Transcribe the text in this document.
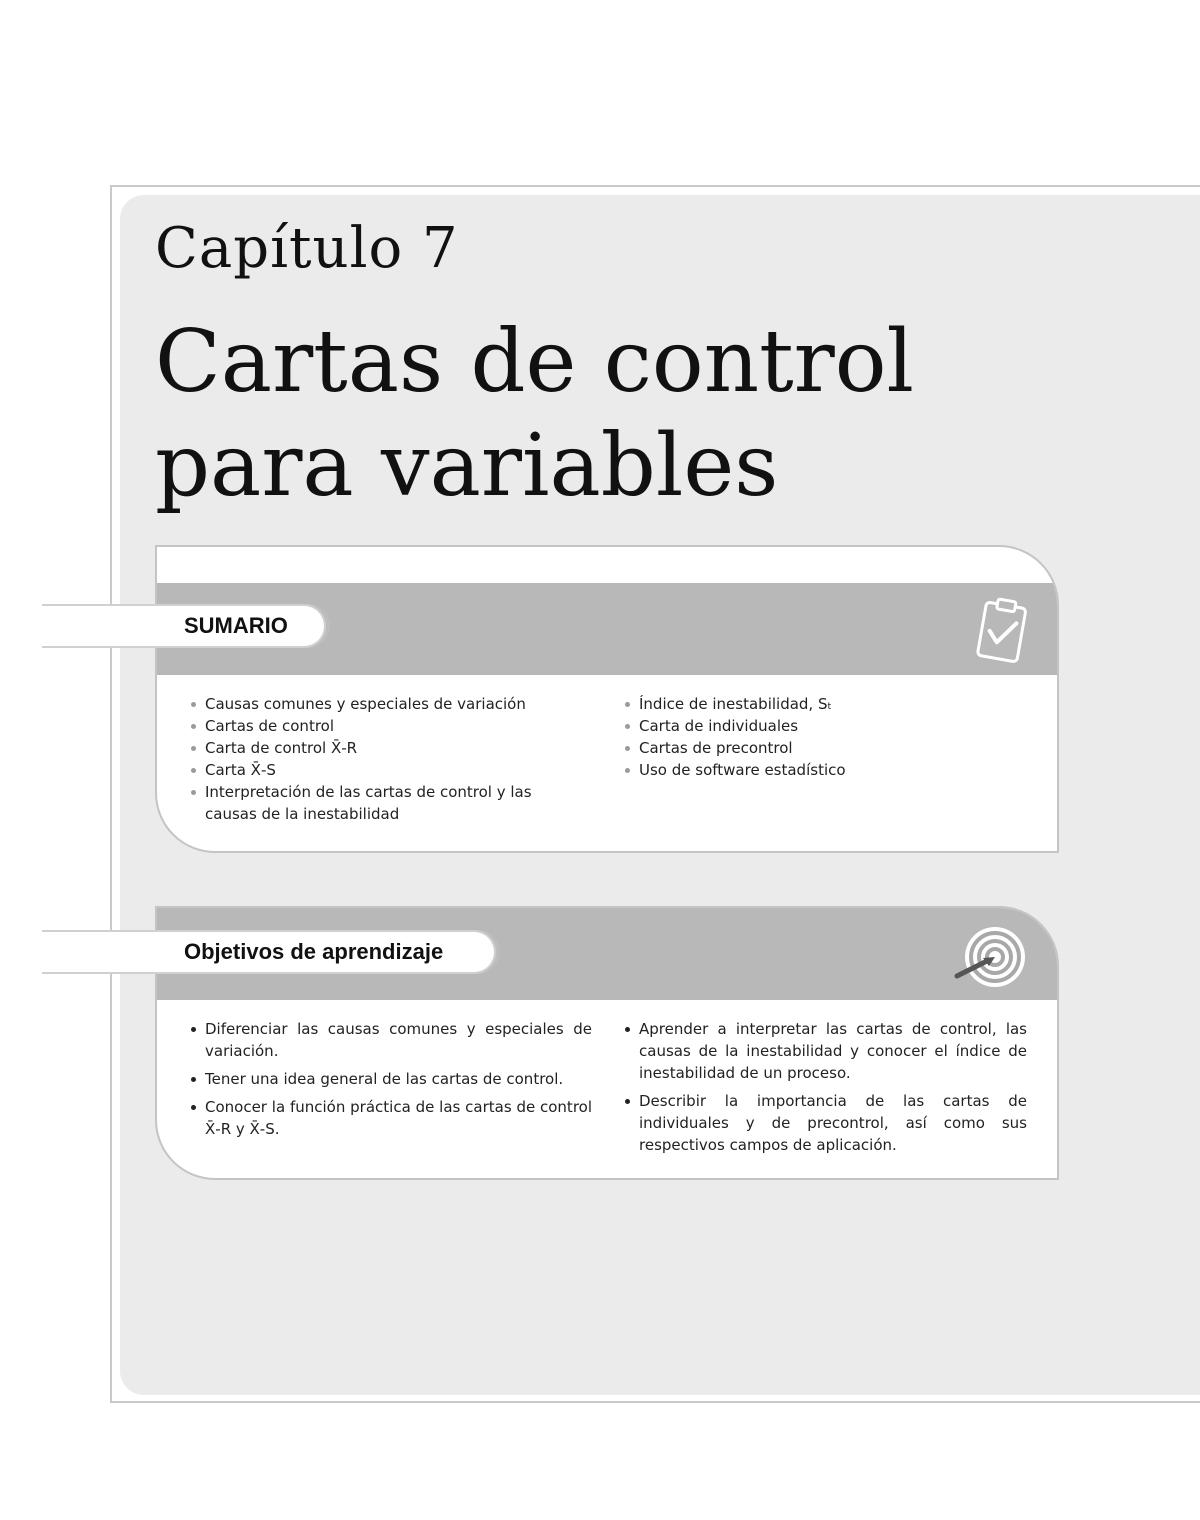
Capítulo 7
Cartas de control
para variables
Causas comunes y especiales de variación
Cartas de control
Carta de control X̄-R
Carta X̄-S
Interpretación de las cartas de control y las causas de la inestabilidad
Índice de inestabilidad, Sₜ
Carta de individuales
Cartas de precontrol
Uso de software estadístico
SUMARIO
Diferenciar las causas comunes y especiales de variación.
Tener una idea general de las cartas de control.
Conocer la función práctica de las cartas de control X̄-R y X̄-S.
Aprender a interpretar las cartas de control, las causas de la inestabilidad y conocer el índice de inestabilidad de un proceso.
Describir la importancia de las cartas de individuales y de precontrol, así como sus respectivos campos de aplicación.
Objetivos de aprendizaje
